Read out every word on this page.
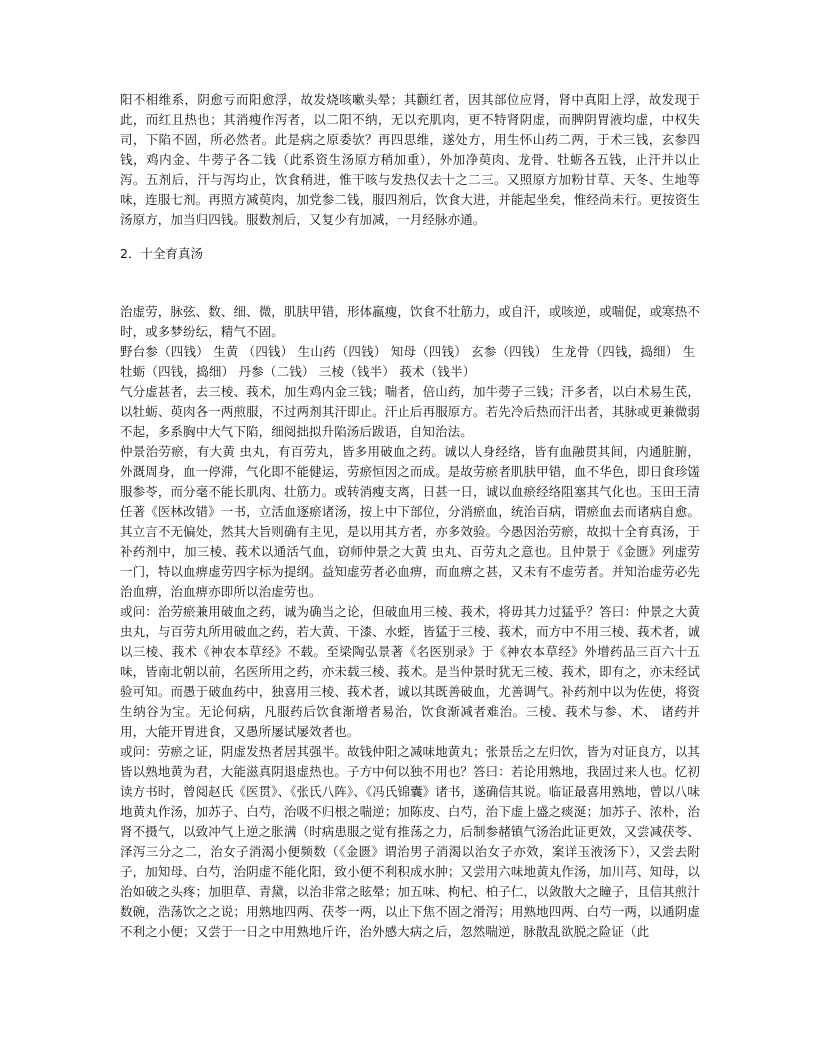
阳不相维系，阴愈亏而阳愈浮，故发烧咳嗽头晕；其颧红者，因其部位应肾，肾中真阳上浮，故发现于此，而红且热也；其消瘦作泻者，以二阳不纳，无以充肌肉，更不特肾阴虚，而脾阴胃液均虚，中权失司，下陷不固，所必然者。此是病之原委欤？再四思维，遂处方，用生怀山药二两，于术三钱，玄参四钱，鸡内金、牛蒡子各二钱（此系资生汤原方稍加重），外加净萸肉、龙骨、牡蛎各五钱，止汗并以止泻。五剂后，汗与泻均止，饮食稍进，惟干咳与发热仅去十之二三。又照原方加粉甘草、天冬、生地等味，连服七剂。再照方减萸肉，加党参二钱，服四剂后，饮食大进，并能起坐矣，惟经尚未行。更按资生汤原方，加当归四钱。服数剂后，又复少有加减，一月经脉亦通。

2．十全育真汤

治虚劳，脉弦、数、细、微，肌肤甲错，形体羸瘦，饮食不壮筋力，或自汗，或咳逆，或喘促，或寒热不时，或多梦纷纭，精气不固。

野台参（四钱） 生黄 （四钱） 生山药（四钱） 知母（四钱） 玄参（四钱） 生龙骨（四钱，捣细） 生牡蛎（四钱，捣细） 丹参（二钱） 三棱（钱半） 莪术（钱半）

气分虚甚者，去三棱、莪术，加生鸡内金三钱；喘者，倍山药，加牛蒡子三钱；汗多者，以白术易生芪，以牡蛎、萸肉各一两煎服，不过两剂其汗即止。汗止后再服原方。若先冷后热而汗出者，其脉或更兼微弱不起，多系胸中大气下陷，细阅拙拟升陷汤后跋语，自知治法。

仲景治劳瘀，有大黄 虫丸，有百劳丸，皆多用破血之药。诚以人身经络，皆有血融贯其间，内通脏腑，外溉周身，血一停滞，气化即不能健运，劳瘀恒因之而成。是故劳瘀者肌肤甲错，血不华色，即日食珍馐服参苓，而分毫不能长肌肉、壮筋力。或转消瘦支离，日甚一日，诚以血瘀经络阻塞其气化也。玉田王清任著《医林改错》一书，立活血逐瘀诸汤，按上中下部位，分消瘀血，统治百病，谓瘀血去而诸病自愈。其立言不无偏处，然其大旨则确有主见，是以用其方者，亦多效验。今愚因治劳瘀，故拟十全育真汤，于补药剂中，加三棱、莪术以通活气血，窃师仲景之大黄 虫丸、百劳丸之意也。且仲景于《金匮》列虚劳一门，特以血痹虚劳四字标为提纲。益知虚劳者必血痹，而血痹之甚，又未有不虚劳者。并知治虚劳必先治血痹，治血痹亦即所以治虚劳也。

或问：治劳瘀兼用破血之药，诚为确当之论，但破血用三棱、莪术，将毋其力过猛乎？答曰：仲景之大黄 虫丸，与百劳丸所用破血之药，若大黄、干漆、水蛭，皆猛于三棱、莪术，而方中不用三棱、莪术者，诚以三棱、莪术《神农本草经》不载。至梁陶弘景著《名医别录》于《神农本草经》外增药品三百六十五味，皆南北朝以前，名医所用之药，亦未载三棱、莪术。是当仲景时犹无三棱、莪术，即有之，亦未经试验可知。而愚于破血药中，独喜用三棱、莪术者，诚以其既善破血，尤善调气。补药剂中以为佐使，将资生纳谷为宝。无论何病，凡服药后饮食渐增者易治，饮食渐减者难治。三棱、莪术与参、术、 诸药并用，大能开胃进食，又愚所屡试屡效者也。

或问：劳瘀之证，阴虚发热者居其强半。故钱仲阳之减味地黄丸；张景岳之左归饮，皆为对证良方，以其皆以熟地黄为君，大能滋真阴退虚热也。子方中何以独不用也？答曰：若论用熟地，我固过来人也。忆初读方书时，曾阅赵氏《医贯》、《张氏八阵》、《冯氏锦囊》诸书，遂确信其说。临证最喜用熟地，曾以八味地黄丸作汤，加苏子、白芍，治吸不归根之喘逆；加陈皮、白芍，治下虚上盛之痰涎；加苏子、浓朴，治肾不摄气，以致冲气上逆之胀满（时病患服之觉有推荡之力，后制参赭镇气汤治此证更效，又尝减茯苓、泽泻三分之二，治女子消渴小便频数（《金匮》谓治男子消渴以治女子亦效，案详玉液汤下），又尝去附子，加知母、白芍，治阴虚不能化阳，致小便不利积成水肿；又尝用六味地黄丸作汤，加川芎、知母，以治如破之头疼；加胆草、青黛，以治非常之眩晕；加五味、枸杞、柏子仁，以敛散大之瞳子，且信其煎汁数碗，浩荡饮之之说；用熟地四两、茯苓一两，以止下焦不固之滑泻；用熟地四两、白芍一两，以通阴虚不利之小便；又尝于一日之中用熟地斤许，治外感大病之后，忽然喘逆，脉散乱欲脱之险证（此
